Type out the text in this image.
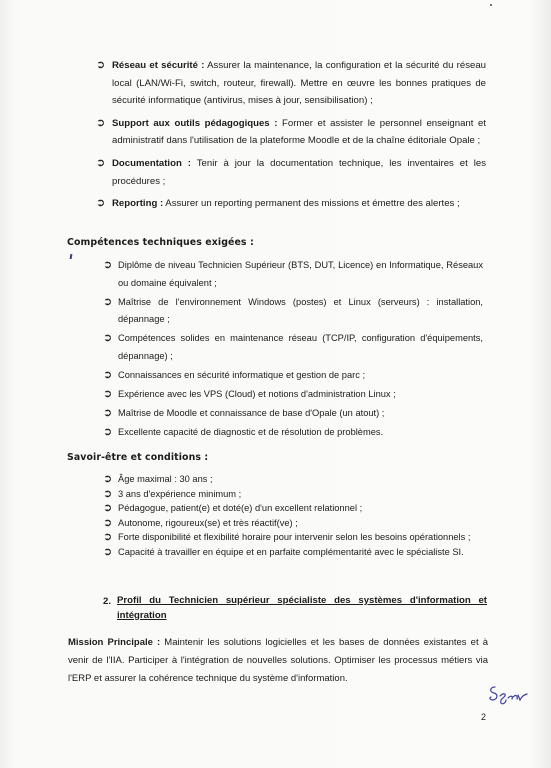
➲ Réseau et sécurité : Assurer la maintenance, la configuration et la sécurité du réseau local (LAN/Wi-Fi, switch, routeur, firewall). Mettre en œuvre les bonnes pratiques de sécurité informatique (antivirus, mises à jour, sensibilisation) ;
➲ Support aux outils pédagogiques : Former et assister le personnel enseignant et administratif dans l'utilisation de la plateforme Moodle et de la chaîne éditoriale Opale ;
➲ Documentation : Tenir à jour la documentation technique, les inventaires et les procédures ;
➲ Reporting : Assurer un reporting permanent des missions et émettre des alertes ;
Compétences techniques exigées :
➲ Diplôme de niveau Technicien Supérieur (BTS, DUT, Licence) en Informatique, Réseaux ou domaine équivalent ;
➲ Maîtrise de l'environnement Windows (postes) et Linux (serveurs) : installation, dépannage ;
➲ Compétences solides en maintenance réseau (TCP/IP, configuration d'équipements, dépannage) ;
➲ Connaissances en sécurité informatique et gestion de parc ;
➲ Expérience avec les VPS (Cloud) et notions d'administration Linux ;
➲ Maîtrise de Moodle et connaissance de base d'Opale (un atout) ;
➲ Excellente capacité de diagnostic et de résolution de problèmes.
Savoir-être et conditions :
➲ Âge maximal : 30 ans ;
➲ 3 ans d'expérience minimum ;
➲ Pédagogue, patient(e) et doté(e) d'un excellent relationnel ;
➲ Autonome, rigoureux(se) et très réactif(ve) ;
➲ Forte disponibilité et flexibilité horaire pour intervenir selon les besoins opérationnels ;
➲ Capacité à travailler en équipe et en parfaite complémentarité avec le spécialiste SI.
2. Profil du Technicien supérieur spécialiste des systèmes d'information et intégration

Mission Principale : Maintenir les solutions logicielles et les bases de données existantes et à venir de l'IIA. Participer à l'intégration de nouvelles solutions. Optimiser les processus métiers via l'ERP et assurer la cohérence technique du système d'information.

2
